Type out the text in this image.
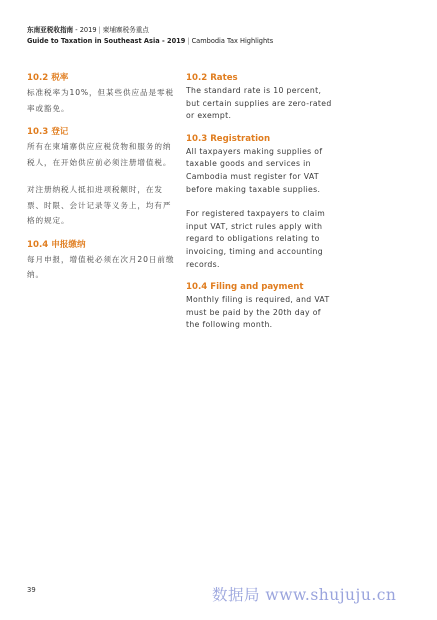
东南亚税收指南 - 2019 | 柬埔寨税务重点
Guide to Taxation in Southeast Asia - 2019 | Cambodia Tax Highlights
10.2 税率

标准税率为10%，但某些供应品是零税率或豁免。

10.3 登记

所有在柬埔寨供应应税货物和服务的纳税人，在开始供应前必须注册增值税。

对注册纳税人抵扣进项税额时，在发票、时限、会计记录等义务上，均有严格的规定。

10.4 申报缴纳

每月申报，增值税必须在次月20日前缴纳。

10.2 Rates

The standard rate is 10 percent, but certain supplies are zero-rated or exempt.

10.3 Registration

All taxpayers making supplies of taxable goods and services in Cambodia must register for VAT before making taxable supplies.

For registered taxpayers to claim input VAT, strict rules apply with regard to obligations relating to invoicing, timing and accounting records.

10.4 Filing and payment

Monthly filing is required, and VAT must be paid by the 20th day of the following month.

39	数据局 www.shujuju.cn
